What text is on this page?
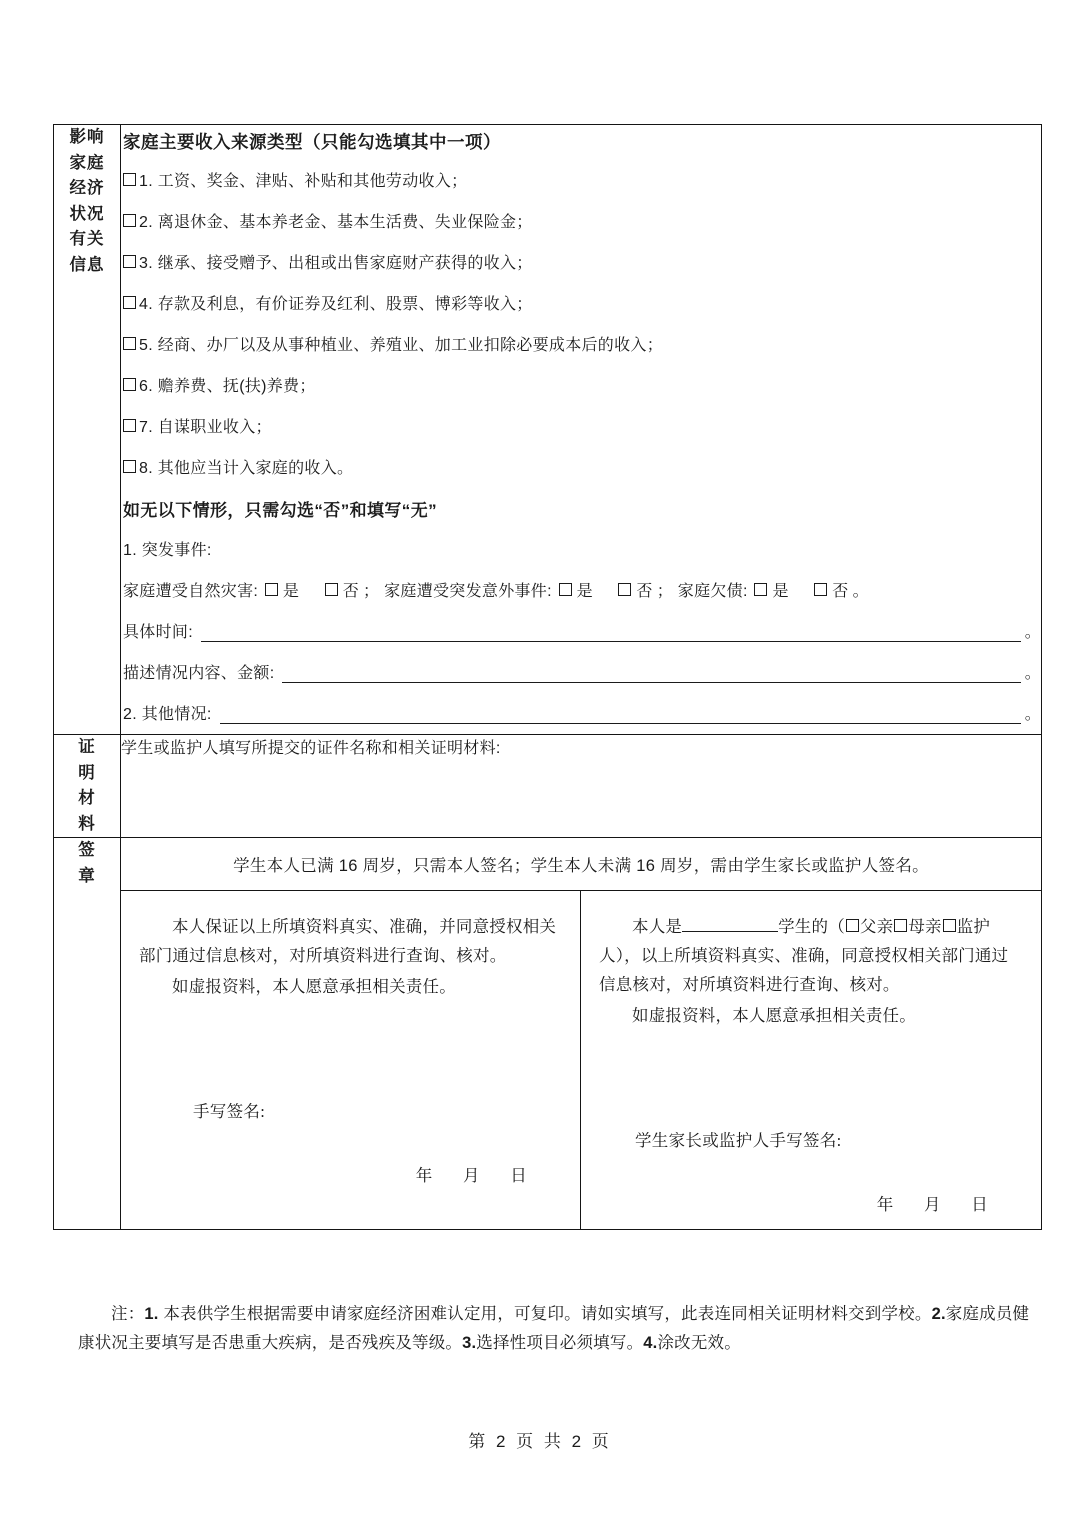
影响
家庭
经济
状况
有关
信息

家庭主要收入来源类型（只能勾选填其中一项）
1. 工资、奖金、津贴、补贴和其他劳动收入；
2. 离退休金、基本养老金、基本生活费、失业保险金；
3. 继承、接受赠予、出租或出售家庭财产获得的收入；
4. 存款及利息，有价证券及红利、股票、博彩等收入；
5. 经商、办厂以及从事种植业、养殖业、加工业扣除必要成本后的收入；
6. 赡养费、抚(扶)养费；
7. 自谋职业收入；
8. 其他应当计入家庭的收入。
如无以下情形，只需勾选“否”和填写“无”
1. 突发事件:
家庭遭受自然灾害: 是	否 ； 家庭遭受突发意外事件: 是	否 ； 家庭欠债: 是	否 。
具体时间:	。
描述情况内容、金额:	。
2. 其他情况:	。

证
明
材
料	学生或监护人填写所提交的证件名称和相关证明材料:

签
章

学生本人已满 16 周岁，只需本人签名；学生本人未满 16 周岁，需由学生家长或监护人签名。

本人保证以上所填资料真实、准确，并同意授权相关部门通过信息核对，对所填资料进行查询、核对。

如虚报资料，本人愿意承担相关责任。

手写签名:
年 月 日

本人是	学生的（ 父亲 母亲 监护人），以上所填资料真实、准确，同意授权相关部门通过信息核对，对所填资料进行查询、核对。

如虚报资料，本人愿意承担相关责任。

学生家长或监护人手写签名:
年 月 日
注：1. 本表供学生根据需要申请家庭经济困难认定用，可复印。请如实填写，此表连同相关证明材料交到学校。2.家庭成员健康状况主要填写是否患重大疾病，是否残疾及等级。3.选择性项目必须填写。4.涂改无效。
第 2 页 共 2 页
